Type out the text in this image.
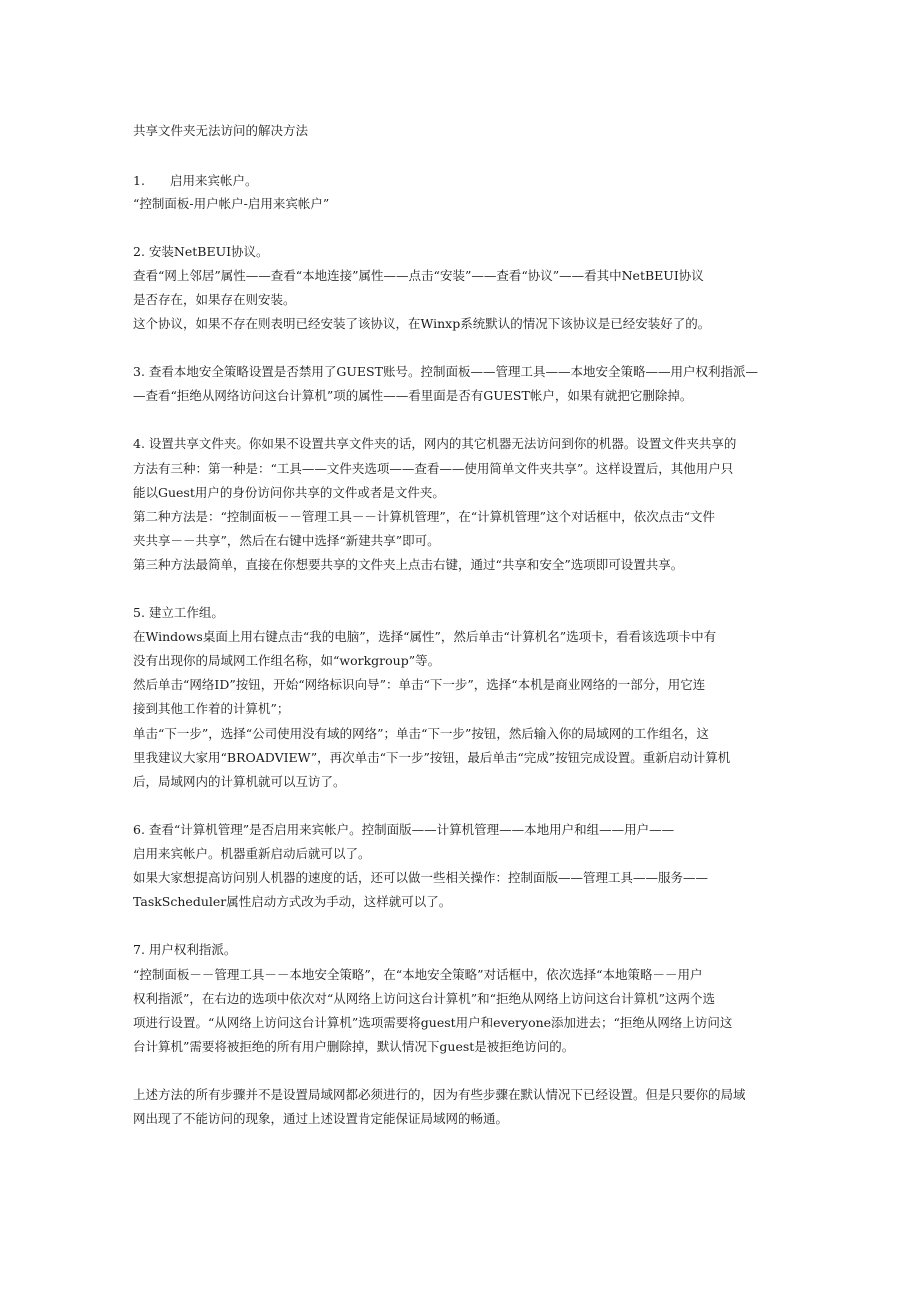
共享文件夹无法访问的解决方法
1. 启用来宾帐户。
“控制面板-用户帐户-启用来宾帐户”
2. 安装NetBEUI协议。
查看“网上邻居”属性——查看“本地连接”属性——点击“安装”——查看“协议”——看其中NetBEUI协议
是否存在，如果存在则安装。
这个协议，如果不存在则表明已经安装了该协议，在Winxp系统默认的情况下该协议是已经安装好了的。
3. 查看本地安全策略设置是否禁用了GUEST账号。控制面板——管理工具——本地安全策略——用户权利指派—
—查看“拒绝从网络访问这台计算机”项的属性——看里面是否有GUEST帐户，如果有就把它删除掉。
4. 设置共享文件夹。你如果不设置共享文件夹的话，网内的其它机器无法访问到你的机器。设置文件夹共享的
方法有三种：第一种是：“工具——文件夹选项——查看——使用简单文件夹共享”。这样设置后，其他用户只
能以Guest用户的身份访问你共享的文件或者是文件夹。
第二种方法是：“控制面板－－管理工具－－计算机管理”，在“计算机管理”这个对话框中，依次点击“文件
夹共享－－共享”，然后在右键中选择“新建共享”即可。
第三种方法最简单，直接在你想要共享的文件夹上点击右键，通过“共享和安全”选项即可设置共享。
5. 建立工作组。
在Windows桌面上用右键点击“我的电脑”，选择“属性”，然后单击“计算机名”选项卡，看看该选项卡中有
没有出现你的局域网工作组名称，如“workgroup”等。
然后单击“网络ID”按钮，开始“网络标识向导”：单击“下一步”，选择“本机是商业网络的一部分，用它连
接到其他工作着的计算机”；
单击“下一步”，选择“公司使用没有域的网络”；单击“下一步”按钮，然后输入你的局域网的工作组名，这
里我建议大家用“BROADVIEW”，再次单击“下一步”按钮，最后单击“完成”按钮完成设置。重新启动计算机
后，局域网内的计算机就可以互访了。
6. 查看“计算机管理”是否启用来宾帐户。控制面版——计算机管理——本地用户和组——用户——
启用来宾帐户。机器重新启动后就可以了。
如果大家想提高访问别人机器的速度的话，还可以做一些相关操作：控制面版——管理工具——服务——
TaskScheduler属性启动方式改为手动，这样就可以了。
7. 用户权利指派。
“控制面板－－管理工具－－本地安全策略”，在“本地安全策略”对话框中，依次选择“本地策略－－用户
权利指派”，在右边的选项中依次对“从网络上访问这台计算机”和“拒绝从网络上访问这台计算机”这两个选
项进行设置。“从网络上访问这台计算机”选项需要将guest用户和everyone添加进去；“拒绝从网络上访问这
台计算机”需要将被拒绝的所有用户删除掉，默认情况下guest是被拒绝访问的。
上述方法的所有步骤并不是设置局域网都必须进行的，因为有些步骤在默认情况下已经设置。但是只要你的局域
网出现了不能访问的现象，通过上述设置肯定能保证局域网的畅通。
